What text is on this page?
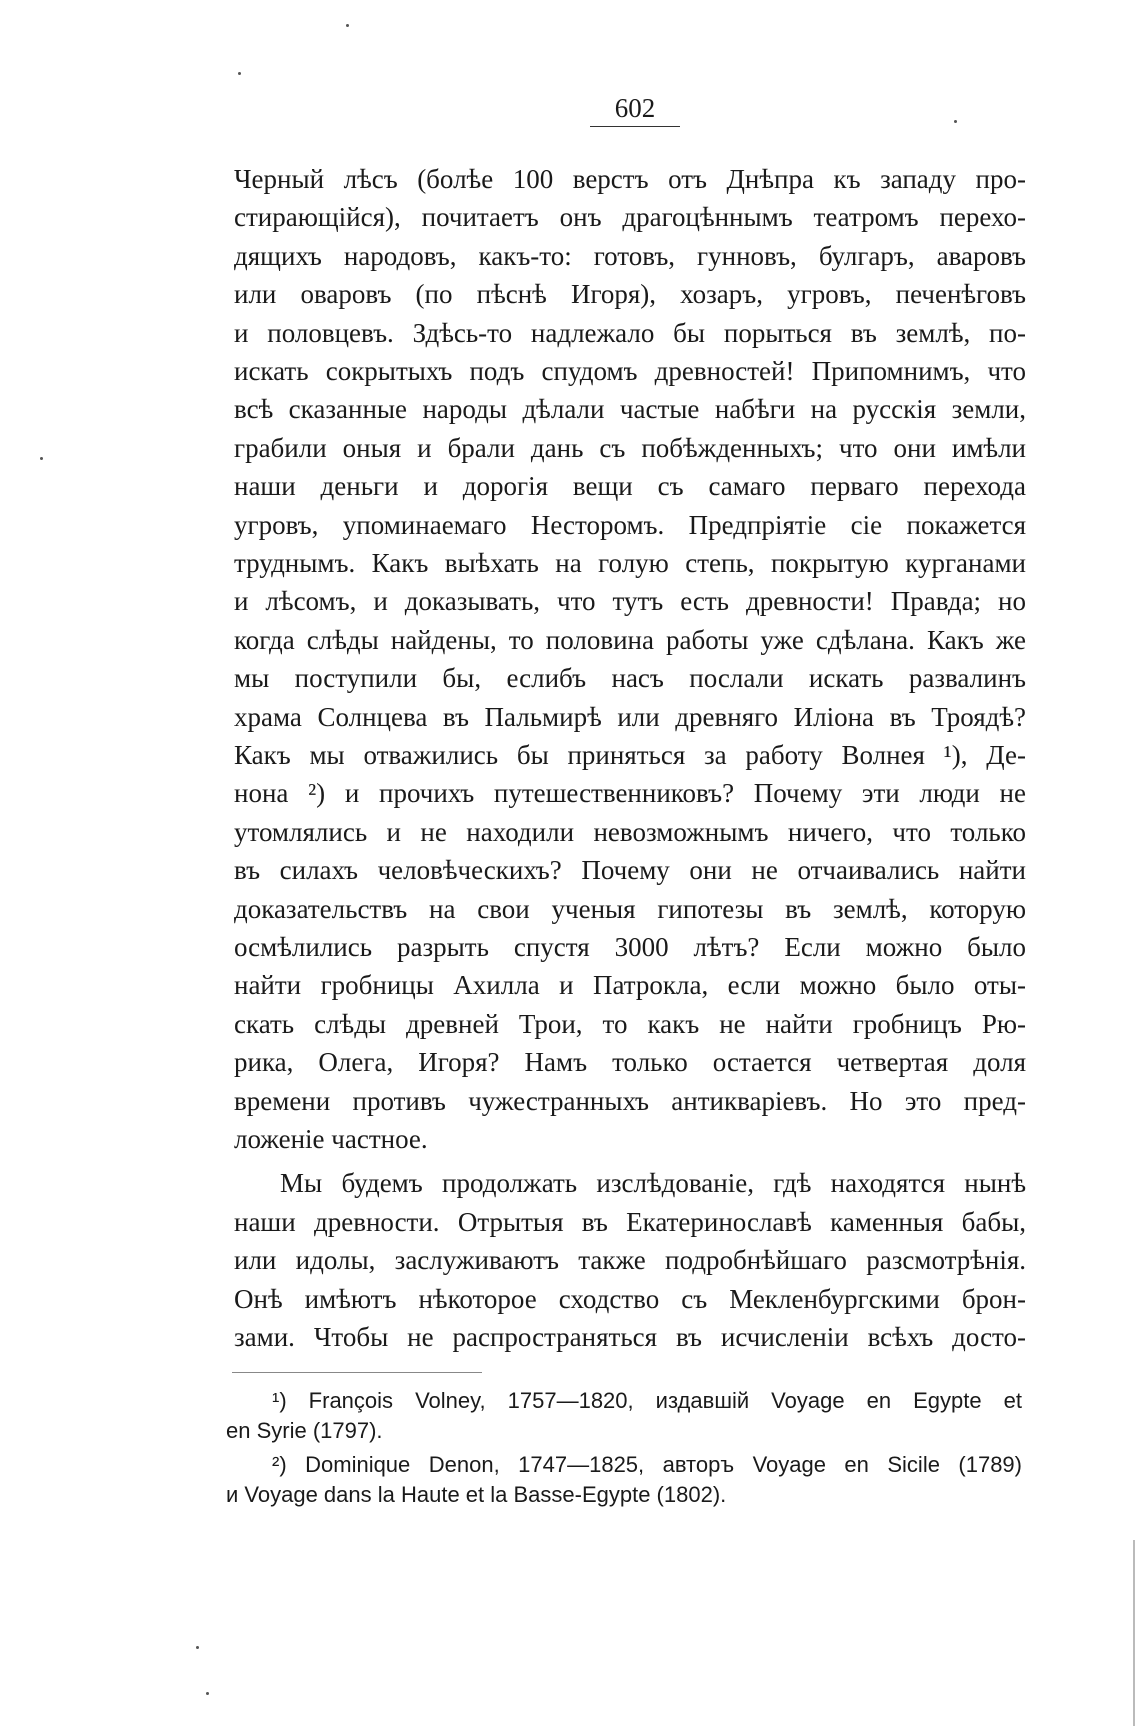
602
Черный лѣсъ (болѣе 100 верстъ отъ Днѣпра къ западу про-
стирающійся), почитаетъ онъ драгоцѣннымъ театромъ перехо-
дящихъ народовъ, какъ-то: готовъ, гунновъ, булгаръ, аваровъ
или оваровъ (по пѣснѣ Игоря), хозаръ, угровъ, печенѣговъ
и половцевъ. Здѣсь-то надлежало бы порыться въ землѣ, по-
искать сокрытыхъ подъ спудомъ древностей! Припомнимъ, что
всѣ сказанные народы дѣлали частые набѣги на русскія земли,
грабили оныя и брали дань съ побѣжденныхъ; что они имѣли
наши деньги и дорогія вещи съ самаго перваго перехода
угровъ, упоминаемаго Несторомъ. Предпріятіе сіе покажется
труднымъ. Какъ выѣхать на голую степь, покрытую курганами
и лѣсомъ, и доказывать, что тутъ есть древности! Правда; но
когда слѣды найдены, то половина работы уже сдѣлана. Какъ же
мы поступили бы, еслибъ насъ послали искать развалинъ
храма Солнцева въ Пальмирѣ или древняго Иліона въ Троядѣ?
Какъ мы отважились бы приняться за работу Волнея ¹), Де-
нона ²) и прочихъ путешественниковъ? Почему эти люди не
утомлялись и не находили невозможнымъ ничего, что только
въ силахъ человѣческихъ? Почему они не отчаивались найти
доказательствъ на свои ученыя гипотезы въ землѣ, которую
осмѣлились разрыть спустя 3000 лѣтъ? Если можно было
найти гробницы Ахилла и Патрокла, если можно было оты-
скать слѣды древней Трои, то какъ не найти гробницъ Рю-
рика, Олега, Игоря? Намъ только остается четвертая доля
времени противъ чужестранныхъ антикваріевъ. Но это пред-
ложеніе частное.
Мы будемъ продолжать изслѣдованіе, гдѣ находятся нынѣ
наши древности. Отрытыя въ Екатеринославѣ каменныя бабы,
или идолы, заслуживаютъ также подробнѣйшаго разсмотрѣнія.
Онѣ имѣютъ нѣкоторое сходство съ Мекленбургскими брон-
зами. Чтобы не распространяться въ исчисленіи всѣхъ досто-
¹) François Volney, 1757—1820, издавшій Voyage en Egypte et
en Syrie (1797).
²) Dominique Denon, 1747—1825, авторъ Voyage en Sicile (1789)
и Voyage dans la Haute et la Basse-Egypte (1802).
